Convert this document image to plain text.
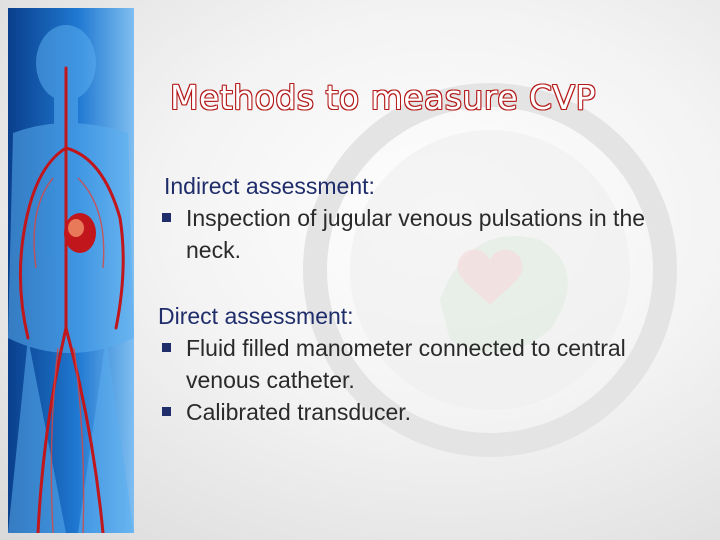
Methods to measure CVP
Indirect assessment:
Inspection of jugular venous pulsations in the neck.
Direct assessment:
Fluid filled manometer connected to central venous catheter.
Calibrated transducer.
